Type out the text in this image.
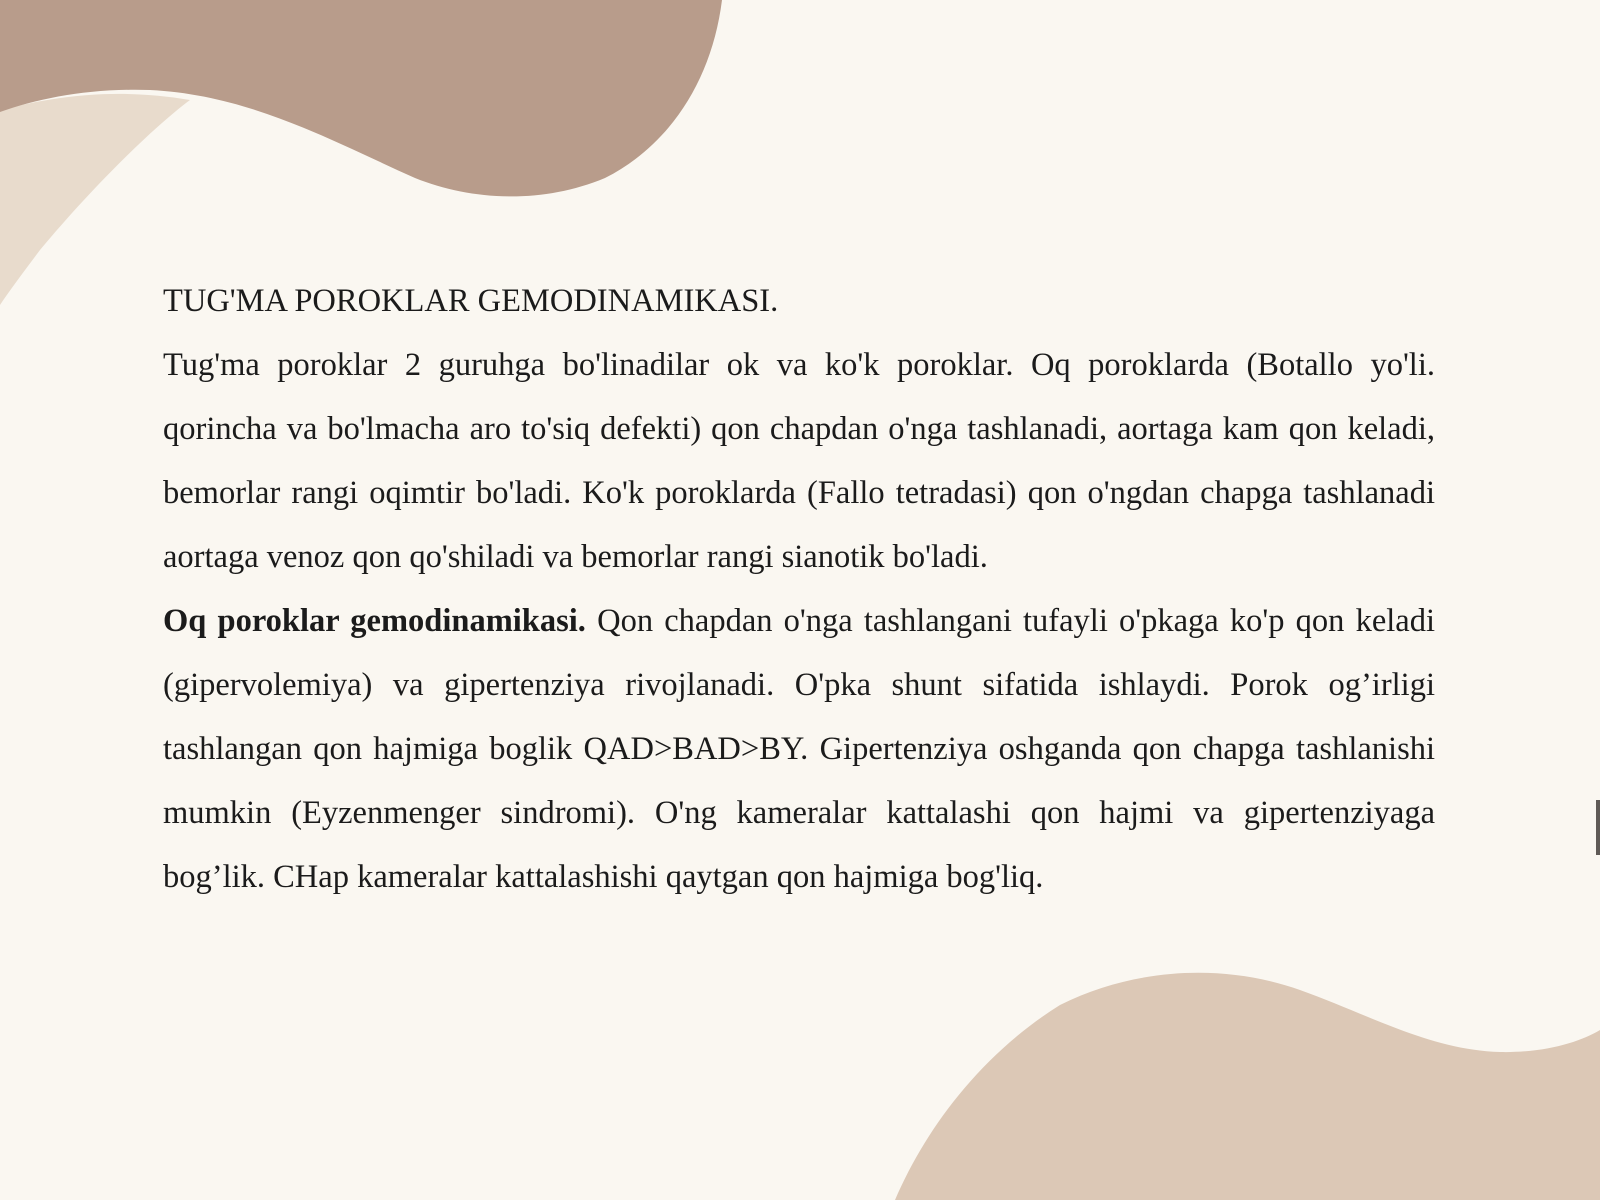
TUG'MA POROKLAR GEMODINAMIKASI.

Tug'ma poroklar 2 guruhga bo'linadilar ok va ko'k poroklar. Oq poroklarda (Botallo yo'li. qorincha va bo'lmacha aro to'siq defekti) qon chapdan o'nga tashlanadi, aortaga kam qon keladi, bemorlar rangi oqimtir bo'ladi. Ko'k poroklarda (Fallo tetradasi) qon o'ngdan chapga tashlanadi aortaga venoz qon qo'shiladi va bemorlar rangi sianotik bo'ladi.

Oq poroklar gemodinamikasi. Qon chapdan o'nga tashlangani tufayli o'pkaga ko'p qon keladi (gipervolemiya) va gipertenziya rivojlanadi. O'pka shunt sifatida ishlaydi. Porok og’irligi tashlangan qon hajmiga boglik QAD>BAD>BY. Gipertenziya oshganda qon chapga tashlanishi mumkin (Eyzenmenger sindromi). O'ng kameralar kattalashi qon hajmi va gipertenziyaga bog’lik. CHap kameralar kattalashishi qaytgan qon hajmiga bog'liq.
